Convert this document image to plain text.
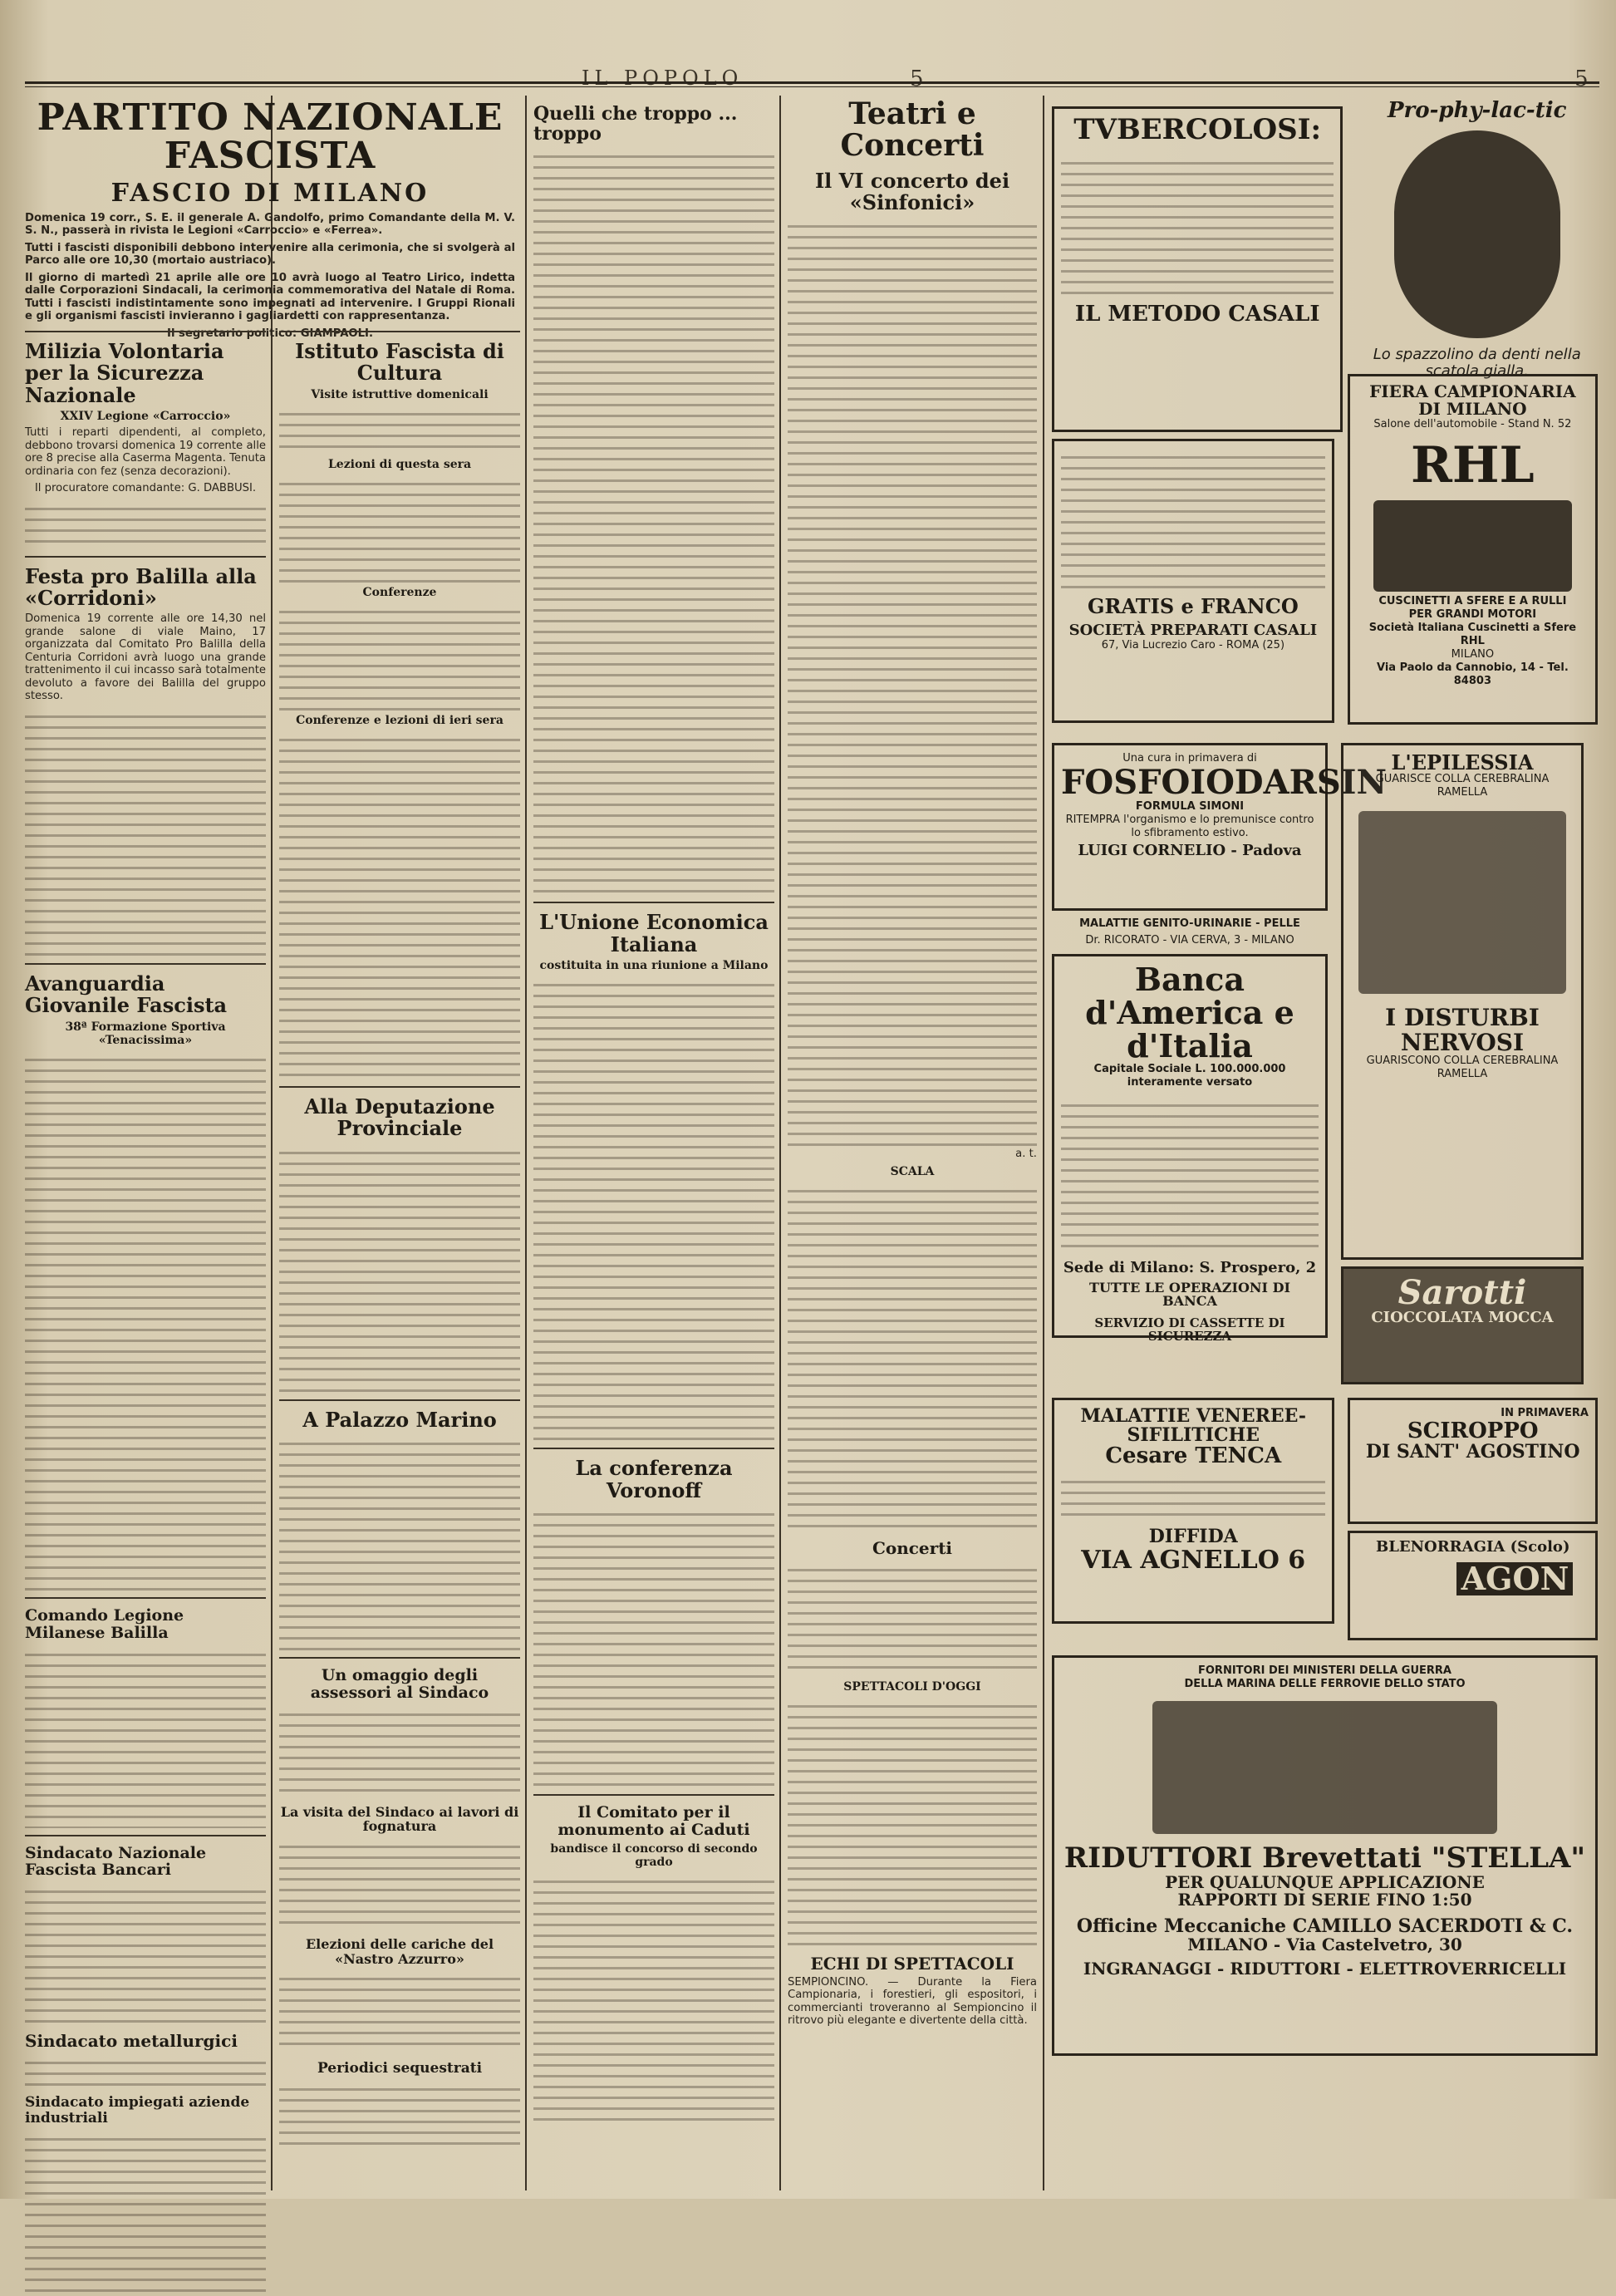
IL POPOLO	5	5
PARTITO NAZIONALE FASCISTA
FASCIO DI MILANO

Domenica 19 corr., S. E. il generale A. Gandolfo, primo Comandante della M. V. S. N., passerà in rivista le Legioni «Carroccio» e «Ferrea».

Tutti i fascisti disponibili debbono intervenire alla cerimonia, che si svolgerà al Parco alle ore 10,30 (mortaio austriaco).

Il giorno di martedì 21 aprile alle ore 10 avrà luogo al Teatro Lirico, indetta dalle Corporazioni Sindacali, la cerimonia commemorativa del Natale di Roma. Tutti i fascisti indistintamente sono impegnati ad intervenire. I Gruppi Rionali e gli organismi fascisti invieranno i gagliardetti con rappresentanza.

Il segretario politico: GIAMPAOLI.

Milizia Volontaria per la Sicurezza Nazionale
XXIV Legione «Carroccio»

Tutti i reparti dipendenti, al completo, debbono trovarsi domenica 19 corrente alle ore 8 precise alla Caserma Magenta. Tenuta ordinaria con fez (senza decorazioni).

Il procuratore comandante: G. DABBUSI.

Festa pro Balilla alla «Corridoni»

Domenica 19 corrente alle ore 14,30 nel grande salone di viale Maino, 17 organizzata dal Comitato Pro Balilla della Centuria Corridoni avrà luogo una grande trattenimento il cui incasso sarà totalmente devoluto a favore dei Balilla del gruppo stesso.

Avanguardia Giovanile Fascista
38ª Formazione Sportiva «Tenacissima»
Comando Legione Milanese Balilla
Sindacato Nazionale Fascista Bancari
Sindacato metallurgici
Sindacato impiegati aziende industriali
Istituto Fascista di Cultura
Visite istruttive domenicali
Lezioni di questa sera
Conferenze
Conferenze e lezioni di ieri sera
Alla Deputazione Provinciale
A Palazzo Marino
Un omaggio degli assessori al Sindaco
La visita del Sindaco ai lavori di fognatura
Elezioni delle cariche del «Nastro Azzurro»
Periodici sequestrati
Quelli che troppo ... troppo
L'Unione Economica Italiana
costituita in una riunione a Milano
La conferenza Voronoff
Il Comitato per il monumento ai Caduti
bandisce il concorso di secondo grado
Teatri e Concerti
Il VI concerto dei «Sinfonici»

a. t.

SCALA
Concerti
SPETTACOLI D'OGGI
ECHI DI SPETTACOLI

SEMPIONCINO. — Durante la Fiera Campionaria, i forestieri, gli espositori, i commercianti troveranno al Sempioncino il ritrovo più elegante e divertente della città.

TVBERCOLOSI:
IL METODO CASALI
Pro-phy-lac-tic
Lo spazzolino da denti nella scatola gialla.
GRATIS e FRANCO
SOCIETÀ PREPARATI CASALI
67, Via Lucrezio Caro - ROMA (25)
FIERA CAMPIONARIA DI MILANO
Salone dell'automobile - Stand N. 52
RHL
CUSCINETTI A SFERE E A RULLI
PER GRANDI MOTORI
Società Italiana Cuscinetti a Sfere RHL
MILANO
Via Paolo da Cannobio, 14 - Tel. 84803
Una cura in primavera di
FOSFOIODARSIN
FORMULA SIMONI
RITEMPRA l'organismo e lo premunisce contro lo sfibramento estivo.
LUIGI CORNELIO - Padova
MALATTIE GENITO-URINARIE - PELLE
Dr. RICORATO - VIA CERVA, 3 - MILANO
Banca d'America e d'Italia
Capitale Sociale L. 100.000.000 interamente versato
Sede di Milano: S. Prospero, 2
TUTTE LE OPERAZIONI DI BANCA
SERVIZIO DI CASSETTE DI SICUREZZA
L'EPILESSIA
GUARISCE COLLA CEREBRALINA RAMELLA
I DISTURBI NERVOSI
GUARISCONO COLLA CEREBRALINA RAMELLA
Sarotti
CIOCCOLATA MOCCA
MALATTIE VENEREE-SIFILITICHE
Cesare TENCA
DIFFIDA
VIA AGNELLO 6
IN PRIMAVERA
SCIROPPO
DI SANT' AGOSTINO
BLENORRAGIA (Scolo)
AGON
FORNITORI DEI MINISTERI DELLA GUERRA DELLA MARINA DELLE FERROVIE DELLO STATO
RIDUTTORI Brevettati "STELLA"
PER QUALUNQUE APPLICAZIONE
RAPPORTI DI SERIE FINO 1:50
Officine Meccaniche CAMILLO SACERDOTI & C.
MILANO - Via Castelvetro, 30
INGRANAGGI - RIDUTTORI - ELETTROVERRICELLI
